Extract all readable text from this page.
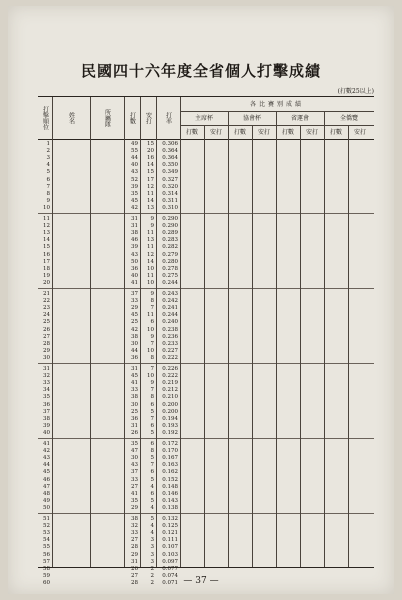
民國四十六年度全省個人打擊成績
(打數25以上)
打擊順位	姓名	所屬隊	打數	安打	打率
各比賽別成績
主席杯	協會杯	省運會	全僑覽
打數	安打	打數	安打	打數	安打	打數	安打
1	49	15	0.306
2	55	20	0.364
3	44	16	0.364
4	40	14	0.350
5	43	15	0.349
6	52	17	0.327
7	39	12	0.320
8	35	11	0.314
9	45	14	0.311
10	42	13	0.310
11	31	9	0.290
12	31	9	0.290
13	38	11	0.289
14	46	13	0.283
15	39	11	0.282
16	43	12	0.279
17	50	14	0.280
18	36	10	0.278
19	40	11	0.275
20	41	10	0.244
21	37	9	0.243
22	33	8	0.242
23	29	7	0.241
24	45	11	0.244
25	25	6	0.240
26	42	10	0.238
27	38	9	0.236
28	30	7	0.233
29	44	10	0.227
30	36	8	0.222
31	31	7	0.226
32	45	10	0.222
33	41	9	0.219
34	33	7	0.212
35	38	8	0.210
36	30	6	0.200
37	25	5	0.200
38	36	7	0.194
39	31	6	0.193
40	26	5	0.192
41	35	6	0.172
42	47	8	0.170
43	30	5	0.167
44	43	7	0.163
45	37	6	0.162
46	33	5	0.152
47	27	4	0.148
48	41	6	0.146
49	35	5	0.143
50	29	4	0.138
51	38	5	0.132
52	32	4	0.125
53	33	4	0.121
54	27	3	0.111
55	28	3	0.107
56	29	3	0.103
57	31	3	0.097
58	26	2	0.077
59	27	2	0.074
60	28	2	0.071 — 37 —
